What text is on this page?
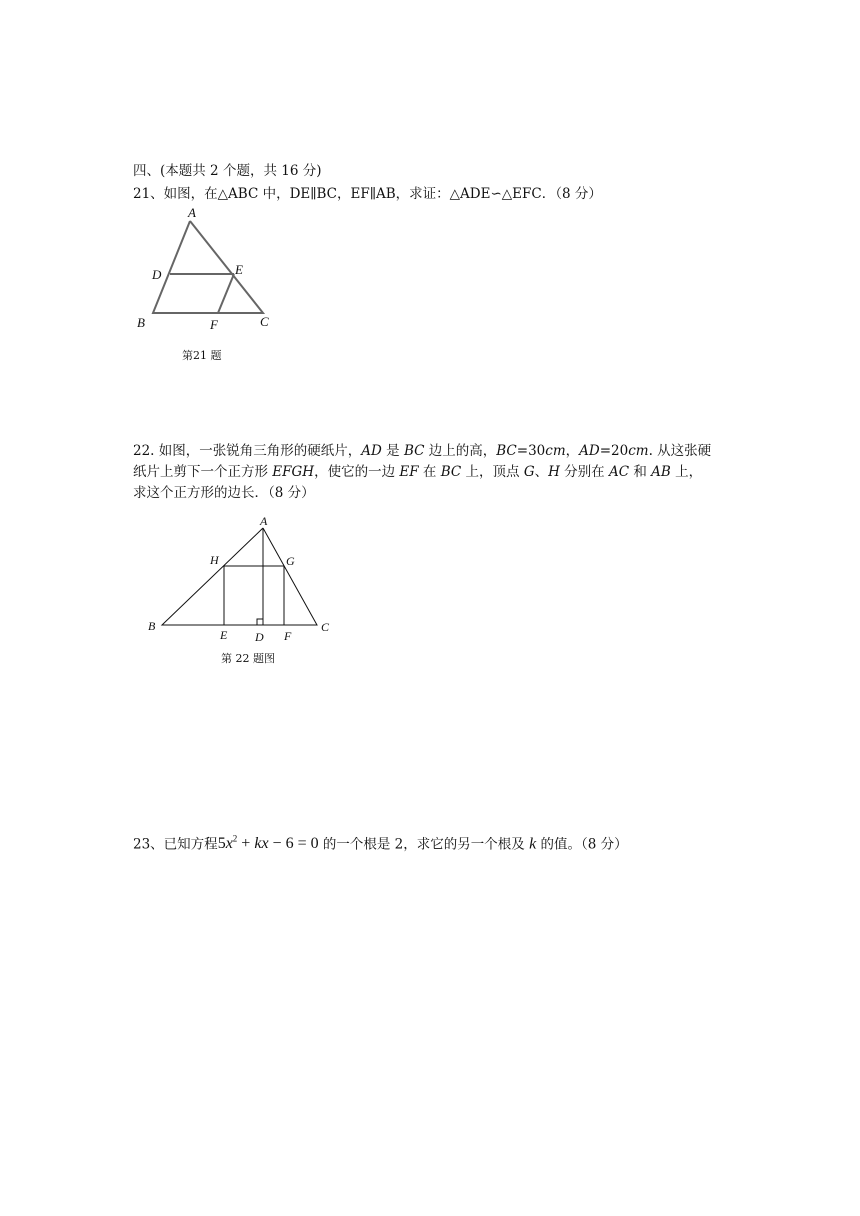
四、(本题共 2 个题，共 16 分)
21、如图，在△ABC 中，DE∥BC，EF∥AB，求证：△ADE∽△EFC．（8 分）
A
D	E
B	F	C
第21 题
22. 如图，一张锐角三角形的硬纸片，AD 是 BC 边上的高，BC=30cm，AD=20cm. 从这张硬
纸片上剪下一个正方形 EFGH，使它的一边 EF 在 BC 上，顶点 G、H 分别在 AC 和 AB 上，
求这个正方形的边长．（8 分）
A
H	G
B
E D F
C
第 22 题图
23、已知方程$5x^2$ + kx − 6 = 0 的一个根是 2，求它的另一个根及 k 的值。（8 分）
